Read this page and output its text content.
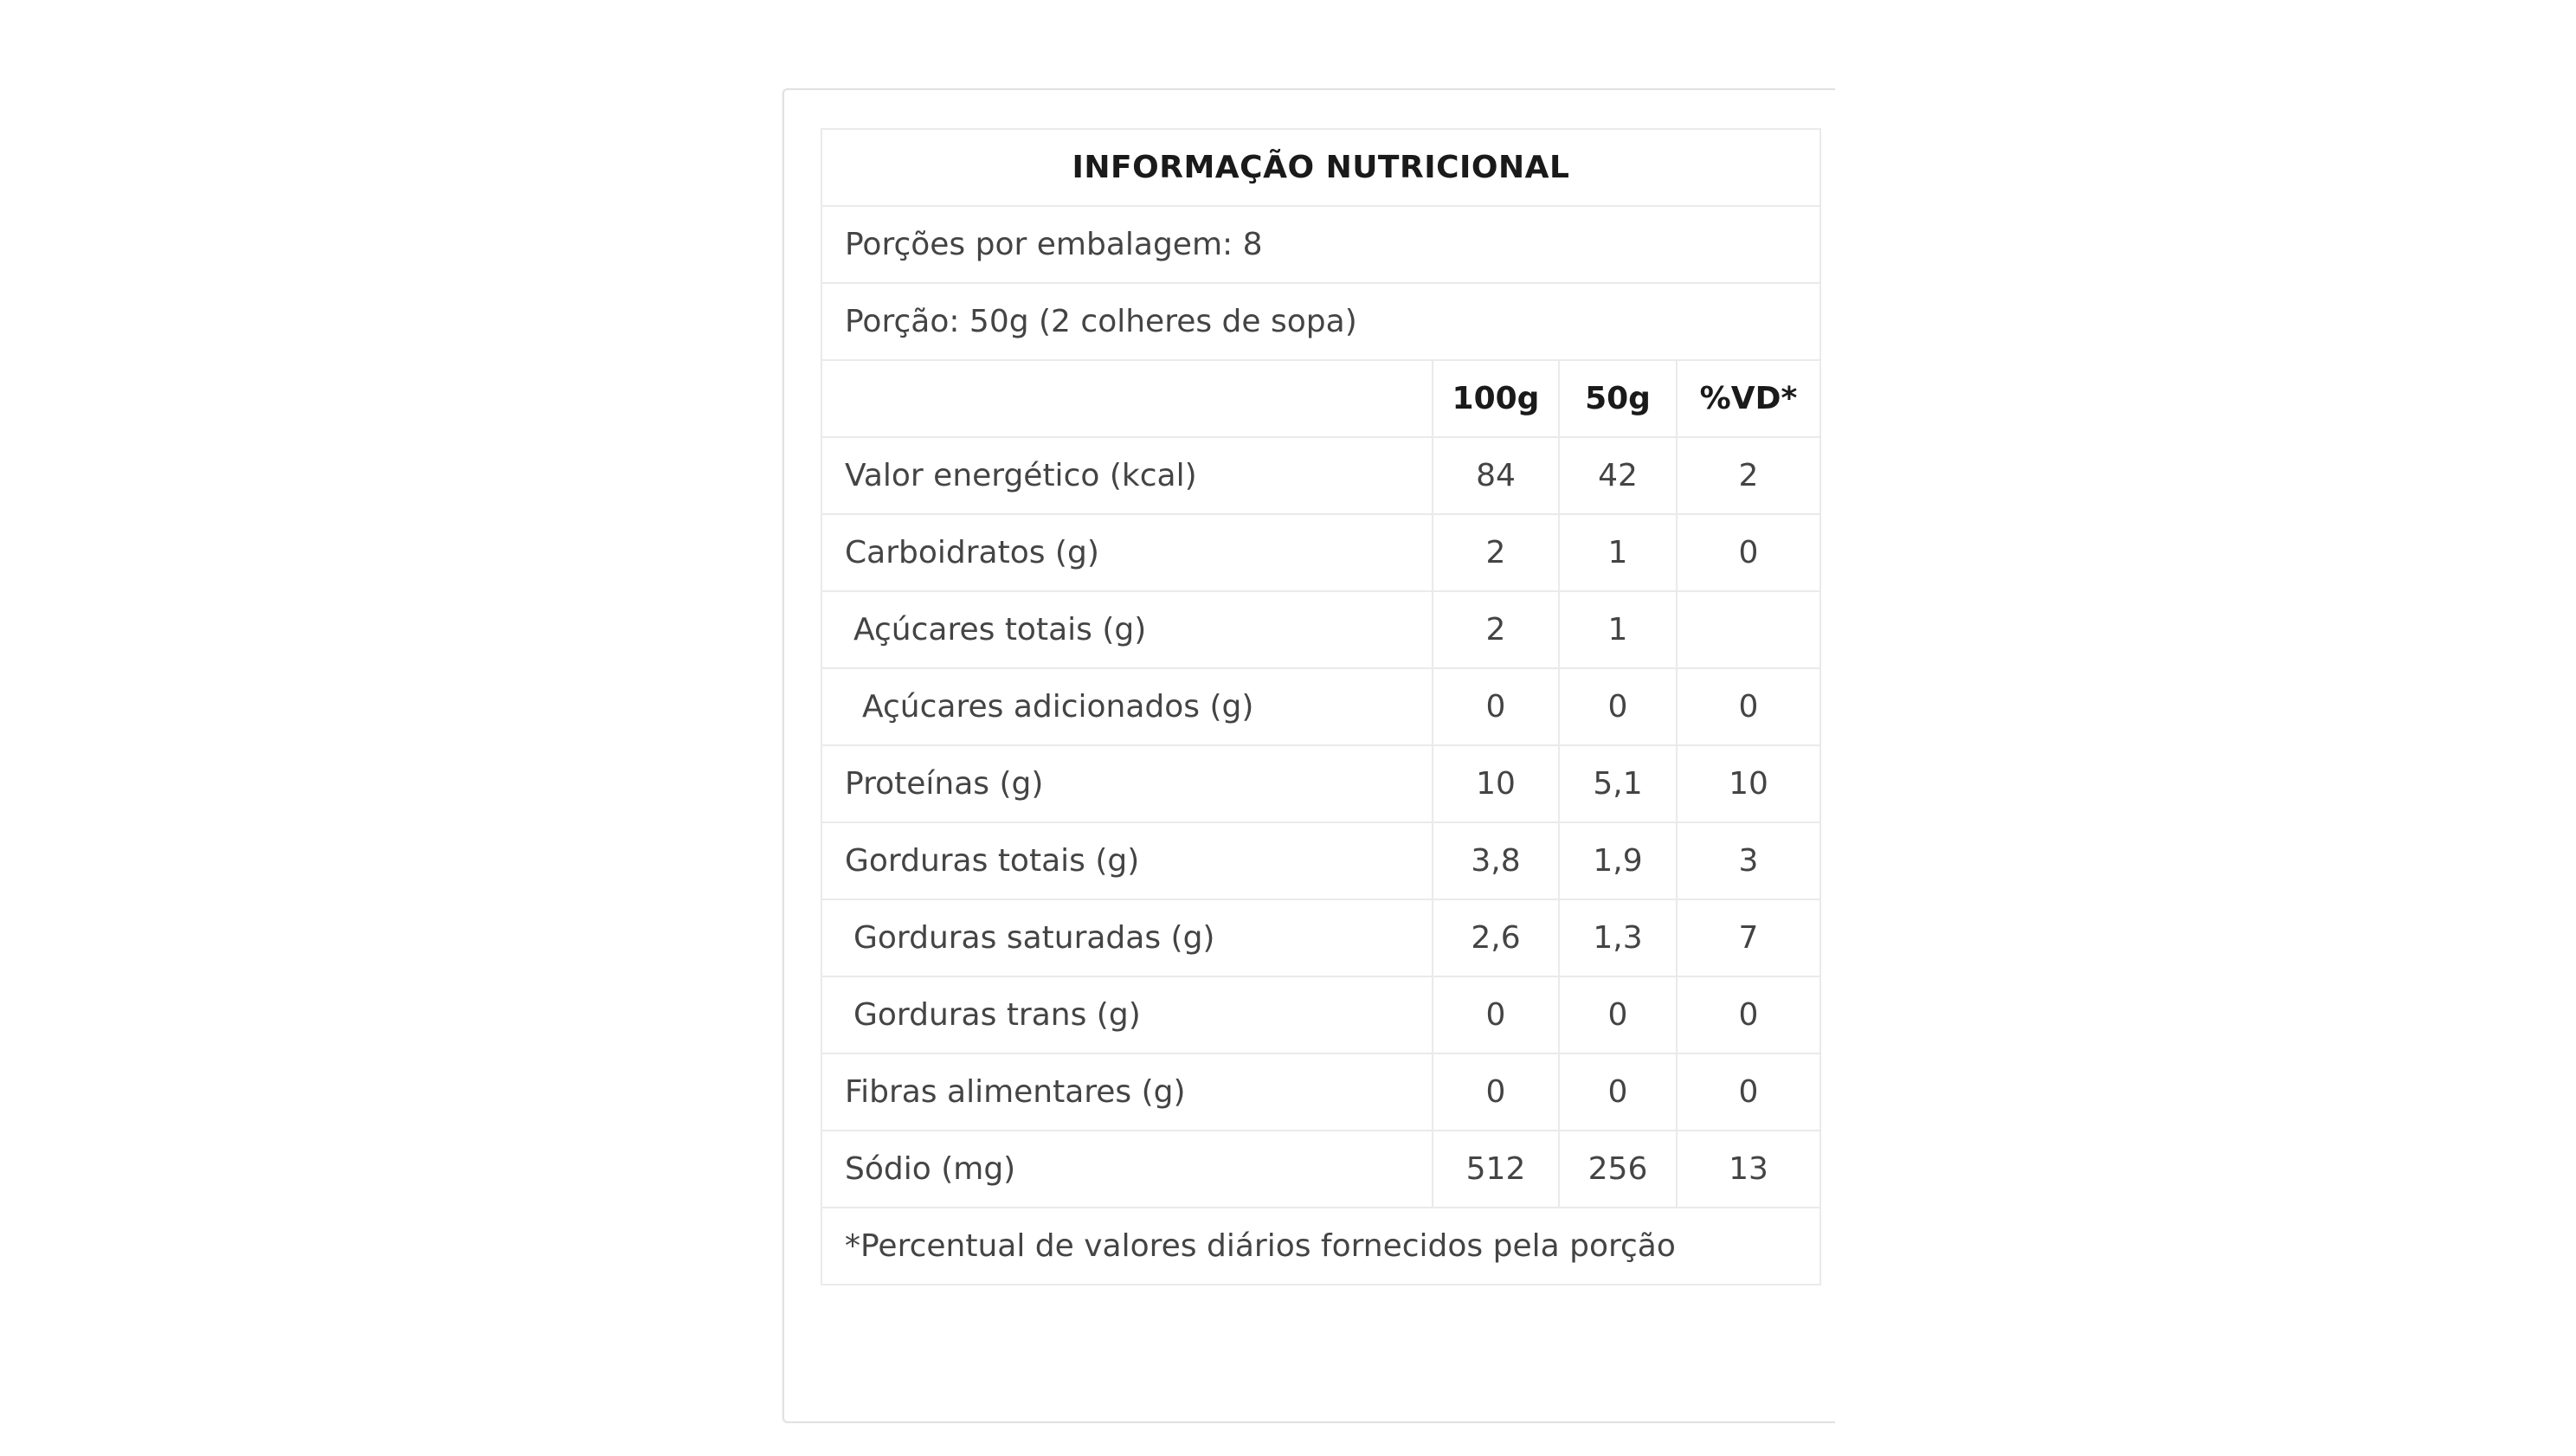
INFORMAÇÃO NUTRICIONAL			
Porções por embalagem: 8			
Porção: 50g (2 colheres de sopa)			
	100g	50g	%VD*
Valor energético (kcal)	84	42	2
Carboidratos (g)	2	1	0
Açúcares totais (g)	2	1	
Açúcares adicionados (g)	0	0	0
Proteínas (g)	10	5,1	10
Gorduras totais (g)	3,8	1,9	3
Gorduras saturadas (g)	2,6	1,3	7
Gorduras trans (g)	0	0	0
Fibras alimentares (g)	0	0	0
Sódio (mg)	512	256	13
*Percentual de valores diários fornecidos pela porção			
